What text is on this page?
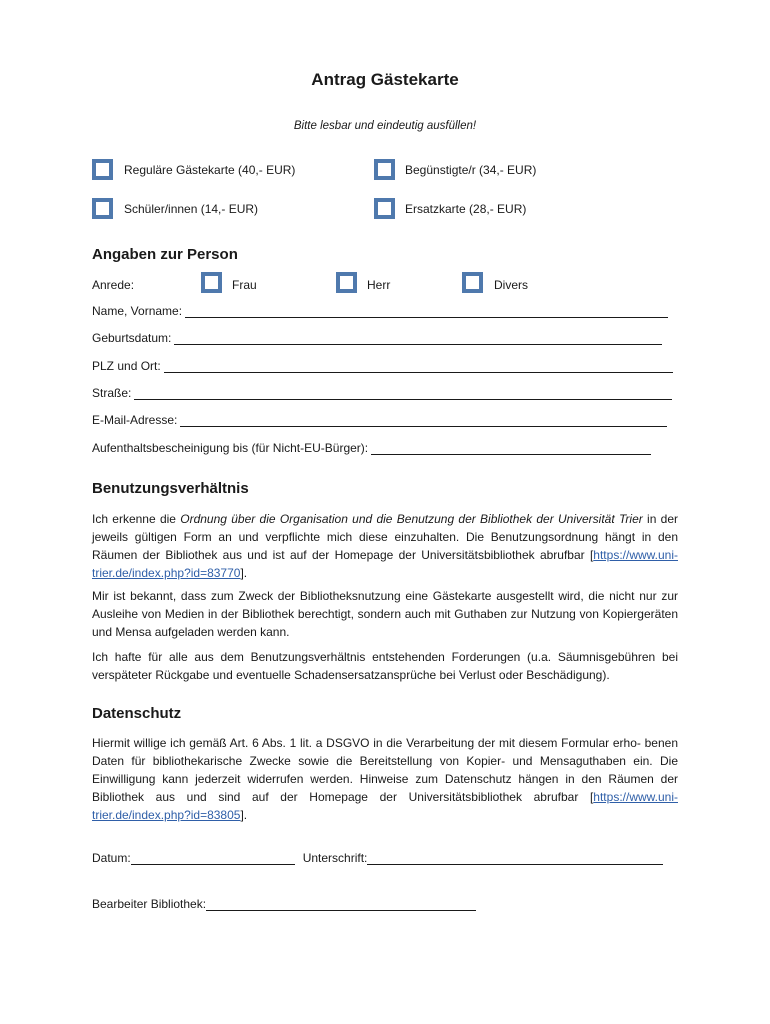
Antrag Gästekarte
Bitte lesbar und eindeutig ausfüllen!
Reguläre Gästekarte (40,- EUR)	Begünstigte/r (34,- EUR)
Schüler/innen (14,- EUR)	Ersatzkarte (28,- EUR)
Angaben zur Person
Anrede:	Frau	Herr	Divers
Name, Vorname:
Geburtsdatum:
PLZ und Ort:
Straße:
E-Mail-Adresse:
Aufenthaltsbescheinigung bis (für Nicht-EU-Bürger):
Benutzungsverhältnis

Ich erkenne die Ordnung über die Organisation und die Benutzung der Bibliothek der Universität Trier in der jeweils gültigen Form an und verpflichte mich diese einzuhalten. Die Benutzungsordnung hängt in den Räumen der Bibliothek aus und ist auf der Homepage der Universitätsbibliothek abrufbar [https://www.uni-trier.de/index.php?id=83770].

Mir ist bekannt, dass zum Zweck der Bibliotheksnutzung eine Gästekarte ausgestellt wird, die nicht nur zur Ausleihe von Medien in der Bibliothek berechtigt, sondern auch mit Guthaben zur Nutzung von Kopiergeräten und Mensa aufgeladen werden kann.

Ich hafte für alle aus dem Benutzungsverhältnis entstehenden Forderungen (u.a. Säumnisgebühren bei verspäteter Rückgabe und eventuelle Schadensersatzansprüche bei Verlust oder Beschädigung).

Datenschutz

Hiermit willige ich gemäß Art. 6 Abs. 1 lit. a DSGVO in die Verarbeitung der mit diesem Formular erho- benen Daten für bibliothekarische Zwecke sowie die Bereitstellung von Kopier- und Mensaguthaben ein. Die Einwilligung kann jederzeit widerrufen werden. Hinweise zum Datenschutz hängen in den Räumen der Bibliothek aus und sind auf der Homepage der Universitätsbibliothek abrufbar [https://www.uni-trier.de/index.php?id=83805].

Datum:	Unterschrift:
Bearbeiter Bibliothek:
